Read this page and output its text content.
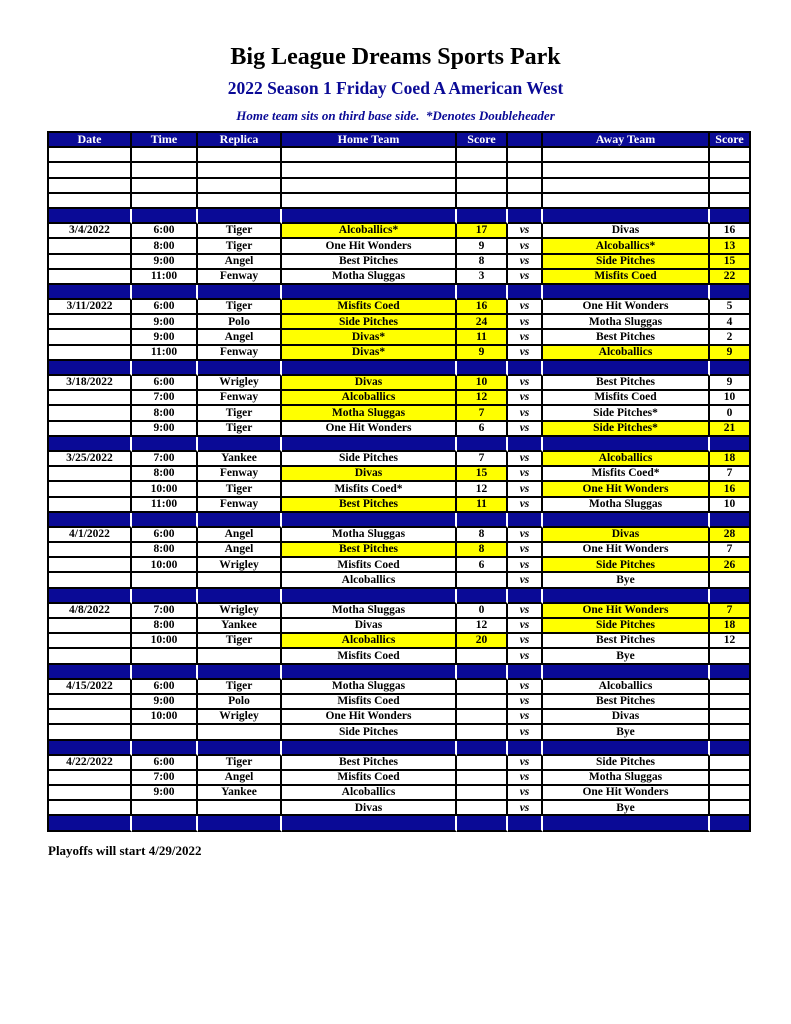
Big League Dreams Sports Park
2022 Season 1 Friday Coed A American West
Home team sits on third base side.  *Denotes Doubleheader
Date	Time	Replica	Home Team	Score		Away Team	Score

3/4/2022	6:00	Tiger	Alcoballics*	17	vs	Divas	16
	8:00	Tiger	One Hit Wonders	9	vs	Alcoballics*	13
	9:00	Angel	Best Pitches	8	vs	Side Pitches	15
	11:00	Fenway	Motha Sluggas	3	vs	Misfits Coed	22

3/11/2022	6:00	Tiger	Misfits Coed	16	vs	One Hit Wonders	5
	9:00	Polo	Side Pitches	24	vs	Motha Sluggas	4
	9:00	Angel	Divas*	11	vs	Best Pitches	2
	11:00	Fenway	Divas*	9	vs	Alcoballics	9

3/18/2022	6:00	Wrigley	Divas	10	vs	Best Pitches	9
	7:00	Fenway	Alcoballics	12	vs	Misfits Coed	10
	8:00	Tiger	Motha Sluggas	7	vs	Side Pitches*	0
	9:00	Tiger	One Hit Wonders	6	vs	Side Pitches*	21

3/25/2022	7:00	Yankee	Side Pitches	7	vs	Alcoballics	18
	8:00	Fenway	Divas	15	vs	Misfits Coed*	7
	10:00	Tiger	Misfits Coed*	12	vs	One Hit Wonders	16
	11:00	Fenway	Best Pitches	11	vs	Motha Sluggas	10

4/1/2022	6:00	Angel	Motha Sluggas	8	vs	Divas	28
	8:00	Angel	Best Pitches	8	vs	One Hit Wonders	7
	10:00	Wrigley	Misfits Coed	6	vs	Side Pitches	26
			Alcoballics		vs	Bye	

4/8/2022	7:00	Wrigley	Motha Sluggas	0	vs	One Hit Wonders	7
	8:00	Yankee	Divas	12	vs	Side Pitches	18
	10:00	Tiger	Alcoballics	20	vs	Best Pitches	12
			Misfits Coed		vs	Bye	

4/15/2022	6:00	Tiger	Motha Sluggas		vs	Alcoballics	
	9:00	Polo	Misfits Coed		vs	Best Pitches	
	10:00	Wrigley	One Hit Wonders		vs	Divas	
			Side Pitches		vs	Bye	

4/22/2022	6:00	Tiger	Best Pitches		vs	Side Pitches	
	7:00	Angel	Misfits Coed		vs	Motha Sluggas	
	9:00	Yankee	Alcoballics		vs	One Hit Wonders	
			Divas		vs	Bye	

Playoffs will start 4/29/2022
